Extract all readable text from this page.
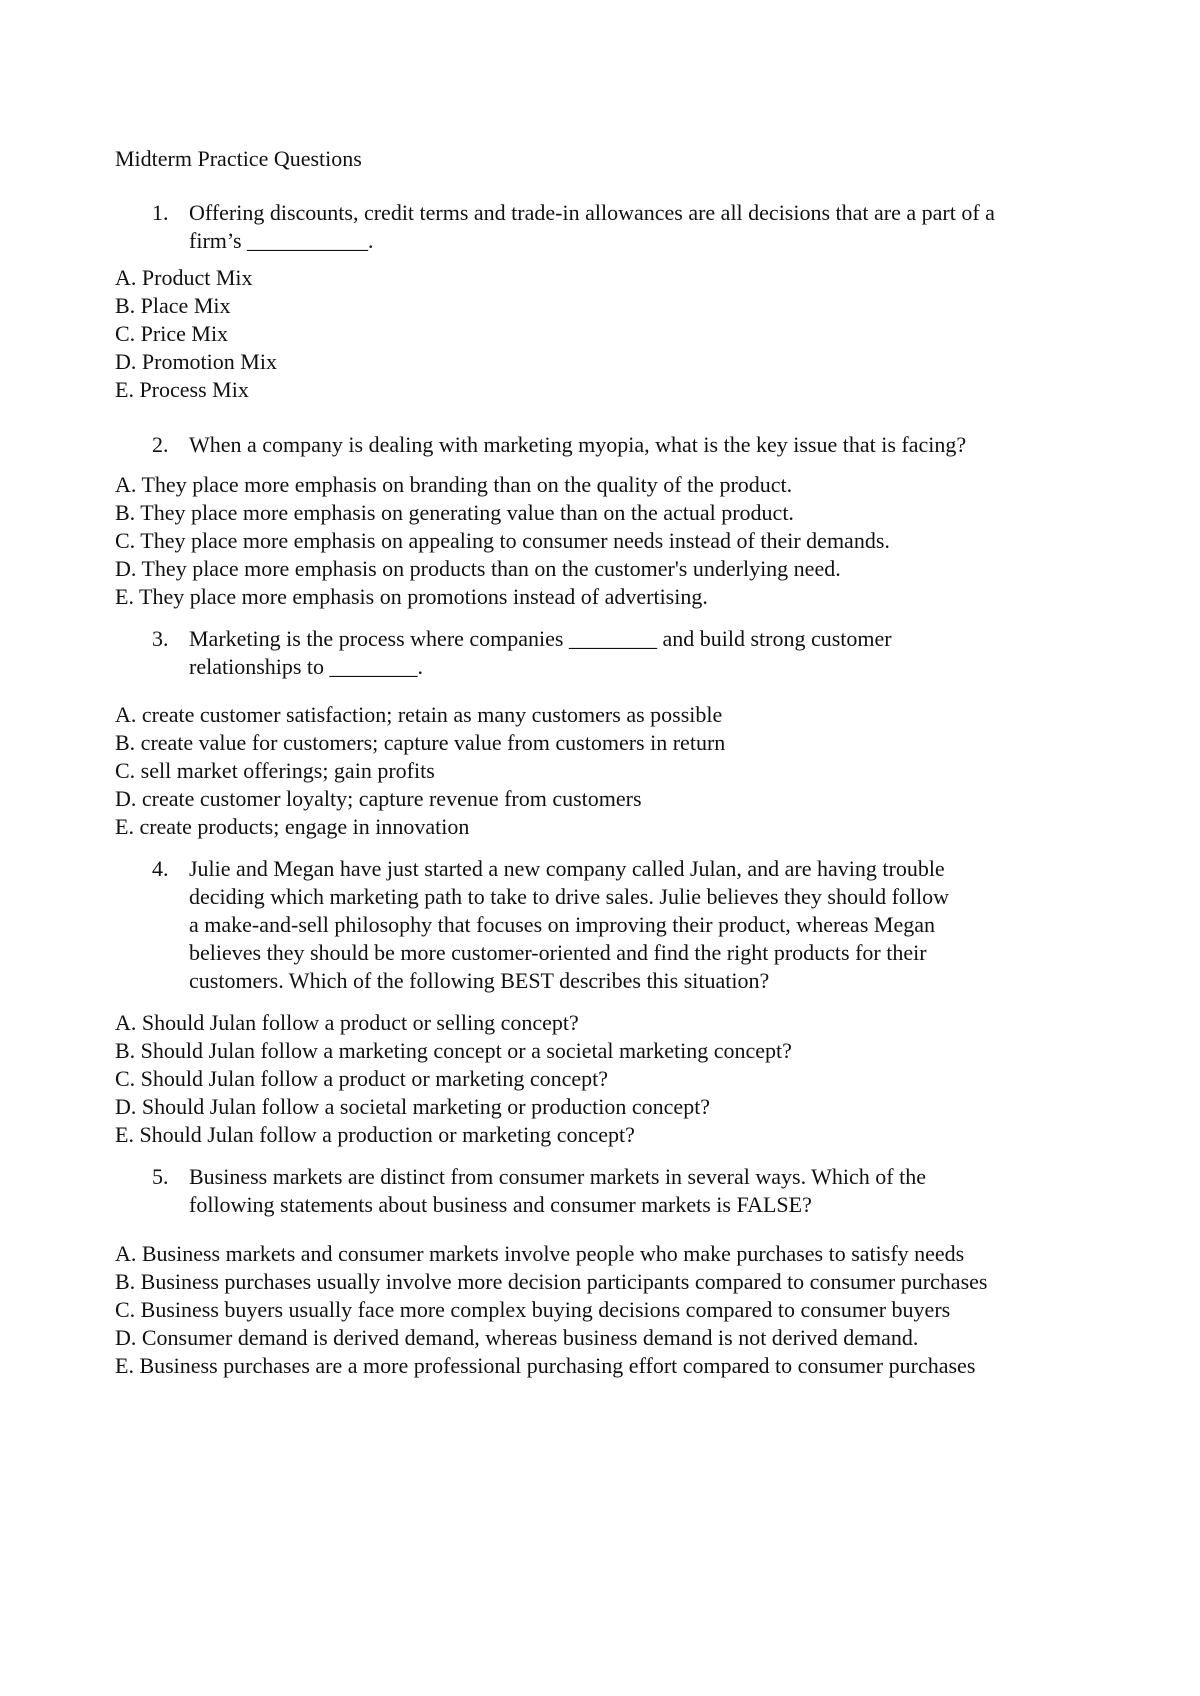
Midterm Practice Questions
1. Offering discounts, credit terms and trade-in allowances are all decisions that are a part of a
firm’s ___________.
A. Product Mix
B. Place Mix
C. Price Mix
D. Promotion Mix
E. Process Mix
2. When a company is dealing with marketing myopia, what is the key issue that is facing?
A. They place more emphasis on branding than on the quality of the product.
B. They place more emphasis on generating value than on the actual product.
C. They place more emphasis on appealing to consumer needs instead of their demands.
D. They place more emphasis on products than on the customer's underlying need.
E. They place more emphasis on promotions instead of advertising.
3. Marketing is the process where companies ________ and build strong customer
relationships to ________.
A. create customer satisfaction; retain as many customers as possible
B. create value for customers; capture value from customers in return
C. sell market offerings; gain profits
D. create customer loyalty; capture revenue from customers
E. create products; engage in innovation
4. Julie and Megan have just started a new company called Julan, and are having trouble
deciding which marketing path to take to drive sales. Julie believes they should follow
a make-and-sell philosophy that focuses on improving their product, whereas Megan
believes they should be more customer-oriented and find the right products for their
customers. Which of the following BEST describes this situation?
A. Should Julan follow a product or selling concept?
B. Should Julan follow a marketing concept or a societal marketing concept?
C. Should Julan follow a product or marketing concept?
D. Should Julan follow a societal marketing or production concept?
E. Should Julan follow a production or marketing concept?
5. Business markets are distinct from consumer markets in several ways. Which of the
following statements about business and consumer markets is FALSE?
A. Business markets and consumer markets involve people who make purchases to satisfy needs
B. Business purchases usually involve more decision participants compared to consumer purchases
C. Business buyers usually face more complex buying decisions compared to consumer buyers
D. Consumer demand is derived demand, whereas business demand is not derived demand.
E. Business purchases are a more professional purchasing effort compared to consumer purchases
